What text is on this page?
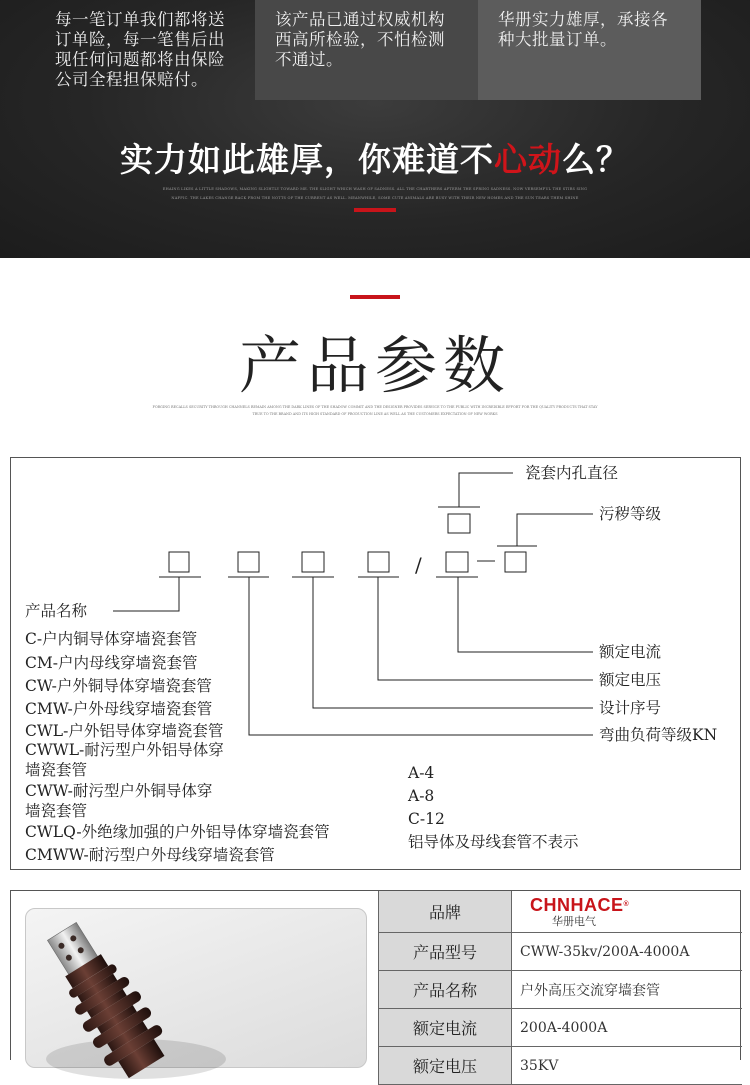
每一笔订单我们都将送订单险，每一笔售后出现任何问题都将由保险公司全程担保赔付。
该产品已通过权威机构西高所检验，不怕检测不通过。
华册实力雄厚，承接各种大批量订单。
实力如此雄厚，你难道不心动么？
EHAING LIKES A LITTLE SHADOWS, MAKING SLIGHTLY TOWARD ME. THE SLIGHT WHICH WASH OF SADNESS. ALL THE CHARTHERS AFTERM THE SPRING SADNESS. NOW VERSEMFUL THE STIRS SING NAFFIC. THE LAKES CHANGE BACK FROM THE NOTTS OF THE CURRENT AS WELL. MEANWHILE, SOME CUTE ANIMALS ARE BUSY WITH THEIR NEW HOMES AND THE SUN TEARS THEM SHINE
产品参数
FORGING RECALLS SECURITY THROUGH CHANNELS REMAIN AMONG THE DARK LINES OF THE SHADOW COMMIT AND THE DESIGNER PROVIDES SERVICE TO THE PUBLIC WITH INCREDIBLE EFFORT FOR THE QUALITY PRODUCTS THAT STAY TRUE TO THE BRAND AND ITS HIGH STANDARD OF PRODUCTION LINE AS WELL AS THE CUSTOMERS EXPECTATION OF NEW WORKS
/
瓷套内孔直径
污秽等级
额定电流
额定电压
设计序号
弯曲负荷等级KN
产品名称
C-户内铜导体穿墙瓷套管
CM-户内母线穿墙瓷套管
CW-户外铜导体穿墙瓷套管
CMW-户外母线穿墙瓷套管
CWL-户外铝导体穿墙瓷套管
CWWL-耐污型户外铝导体穿
墙瓷套管
CWW-耐污型户外铜导体穿
墙瓷套管
CWLQ-外绝缘加强的户外铝导体穿墙瓷套管
CMWW-耐污型户外母线穿墙瓷套管
A-4
A-8
C-12
铝导体及母线套管不表示
品牌	CHNHACE®
华册电气
产品型号	CWW-35kv/200A-4000A
产品名称	户外高压交流穿墙套管
额定电流	200A-4000A
额定电压	35KV
